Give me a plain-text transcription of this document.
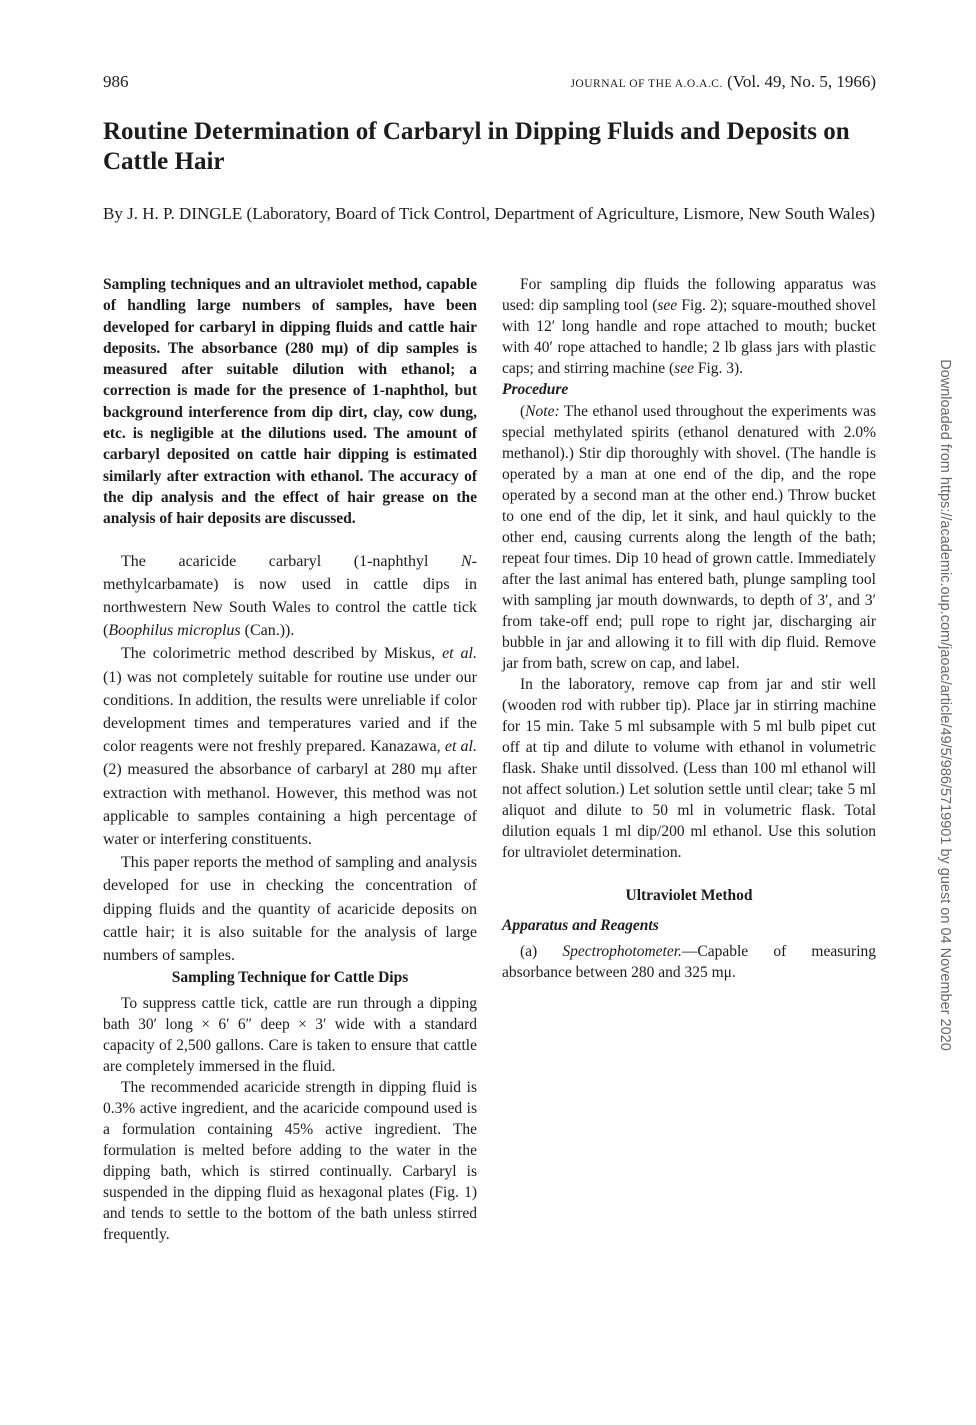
986	JOURNAL OF THE A.O.A.C. (Vol. 49, No. 5, 1966)
Routine Determination of Carbaryl in Dipping Fluids and Deposits on Cattle Hair
By J. H. P. DINGLE (Laboratory, Board of Tick Control, Department of Agriculture, Lismore, New South Wales)

Sampling techniques and an ultraviolet method, capable of handling large numbers of samples, have been developed for carbaryl in dipping fluids and cattle hair deposits. The absorbance (280 mμ) of dip samples is measured after suitable dilution with ethanol; a correction is made for the presence of 1-naphthol, but background interference from dip dirt, clay, cow dung, etc. is negligible at the dilutions used. The amount of carbaryl deposited on cattle hair dipping is estimated similarly after extraction with ethanol. The accuracy of the dip analysis and the effect of hair grease on the analysis of hair deposits are discussed.

The acaricide carbaryl (1-naphthyl N-methylcarbamate) is now used in cattle dips in northwestern New South Wales to control the cattle tick (Boophilus microplus (Can.)).

The colorimetric method described by Miskus, et al. (1) was not completely suitable for routine use under our conditions. In addition, the results were unreliable if color development times and temperatures varied and if the color reagents were not freshly prepared. Kanazawa, et al. (2) measured the absorbance of carbaryl at 280 mμ after extraction with methanol. However, this method was not applicable to samples containing a high percentage of water or interfering constituents.

This paper reports the method of sampling and analysis developed for use in checking the concentration of dipping fluids and the quantity of acaricide deposits on cattle hair; it is also suitable for the analysis of large numbers of samples.

Sampling Technique for Cattle Dips

To suppress cattle tick, cattle are run through a dipping bath 30′ long × 6′ 6″ deep × 3′ wide with a standard capacity of 2,500 gallons. Care is taken to ensure that cattle are completely immersed in the fluid.

The recommended acaricide strength in dipping fluid is 0.3% active ingredient, and the acaricide compound used is a formulation containing 45% active ingredient. The formulation is melted before adding to the water in the dipping bath, which is stirred continually. Carbaryl is suspended in the dipping fluid as hexagonal plates (Fig. 1) and tends to settle to the bottom of the bath unless stirred frequently.

For sampling dip fluids the following apparatus was used: dip sampling tool (see Fig. 2); square-mouthed shovel with 12′ long handle and rope attached to mouth; bucket with 40′ rope attached to handle; 2 lb glass jars with plastic caps; and stirring machine (see Fig. 3).

Procedure

(Note: The ethanol used throughout the experiments was special methylated spirits (ethanol denatured with 2.0% methanol).) Stir dip thoroughly with shovel. (The handle is operated by a man at one end of the dip, and the rope operated by a second man at the other end.) Throw bucket to one end of the dip, let it sink, and haul quickly to the other end, causing currents along the length of the bath; repeat four times. Dip 10 head of grown cattle. Immediately after the last animal has entered bath, plunge sampling tool with sampling jar mouth downwards, to depth of 3′, and 3′ from take-off end; pull rope to right jar, discharging air bubble in jar and allowing it to fill with dip fluid. Remove jar from bath, screw on cap, and label.

In the laboratory, remove cap from jar and stir well (wooden rod with rubber tip). Place jar in stirring machine for 15 min. Take 5 ml subsample with 5 ml bulb pipet cut off at tip and dilute to volume with ethanol in volumetric flask. Shake until dissolved. (Less than 100 ml ethanol will not affect solution.) Let solution settle until clear; take 5 ml aliquot and dilute to 50 ml in volumetric flask. Total dilution equals 1 ml dip/200 ml ethanol. Use this solution for ultraviolet determination.

Ultraviolet Method
Apparatus and Reagents

(a) Spectrophotometer.—Capable of measuring absorbance between 280 and 325 mμ.	Downloaded from https://academic.oup.com/jaoac/article/49/5/986/5719901 by guest on 04 November 2020
